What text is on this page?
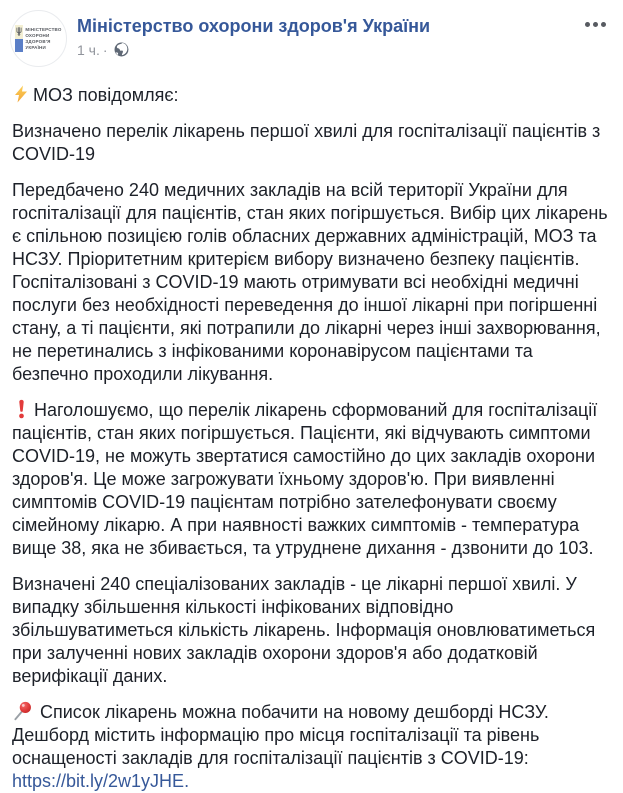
МІНІСТЕРСТВО
ОХОРОНИ
ЗДОРОВ'Я
УКРАЇНИ
Міністерство охорони здоров'я України
1 ч. ·

МОЗ повідомляє:

Визначено перелік лікарень першої хвилі для госпіталізації пацієнтів з COVID-19

Передбачено 240 медичних закладів на всій території України для госпіталізації для пацієнтів, стан яких погіршується. Вибір цих лікарень є спільною позицією голів обласних державних адміністрацій, МОЗ та НСЗУ. Пріоритетним критерієм вибору визначено безпеку пацієнтів. Госпіталізовані з COVID-19 мають отримувати всі необхідні медичні послуги без необхідності переведення до іншої лікарні при погіршенні стану, а ті пацієнти, які потрапили до лікарні через інші захворювання, не перетинались з інфікованими коронавірусом пацієнтами та безпечно проходили лікування.

Наголошуємо, що перелік лікарень сформований для госпіталізації пацієнтів, стан яких погіршується. Пацієнти, які відчувають симптоми COVID-19, не можуть звертатися самостійно до цих закладів охорони здоров'я. Це може загрожувати їхньому здоров'ю. При виявленні симптомів COVID-19 пацієнтам потрібно зателефонувати своєму сімейному лікарю. А при наявності важких симптомів - температура вище 38, яка не збивається, та утруднене дихання - дзвонити до 103.

Визначені 240 спеціалізованих закладів - це лікарні першої хвилі. У випадку збільшення кількості інфікованих відповідно збільшуватиметься кількість лікарень. Інформація оновлюватиметься при залученні нових закладів охорони здоров'я або додатковій верифікації даних.

Список лікарень можна побачити на новому дешборді НСЗУ. Дешборд містить інформацію про місця госпіталізації та рівень оснащеності закладів для госпіталізації пацієнтів з COVID-19: https://bit.ly/2w1yJHE.
